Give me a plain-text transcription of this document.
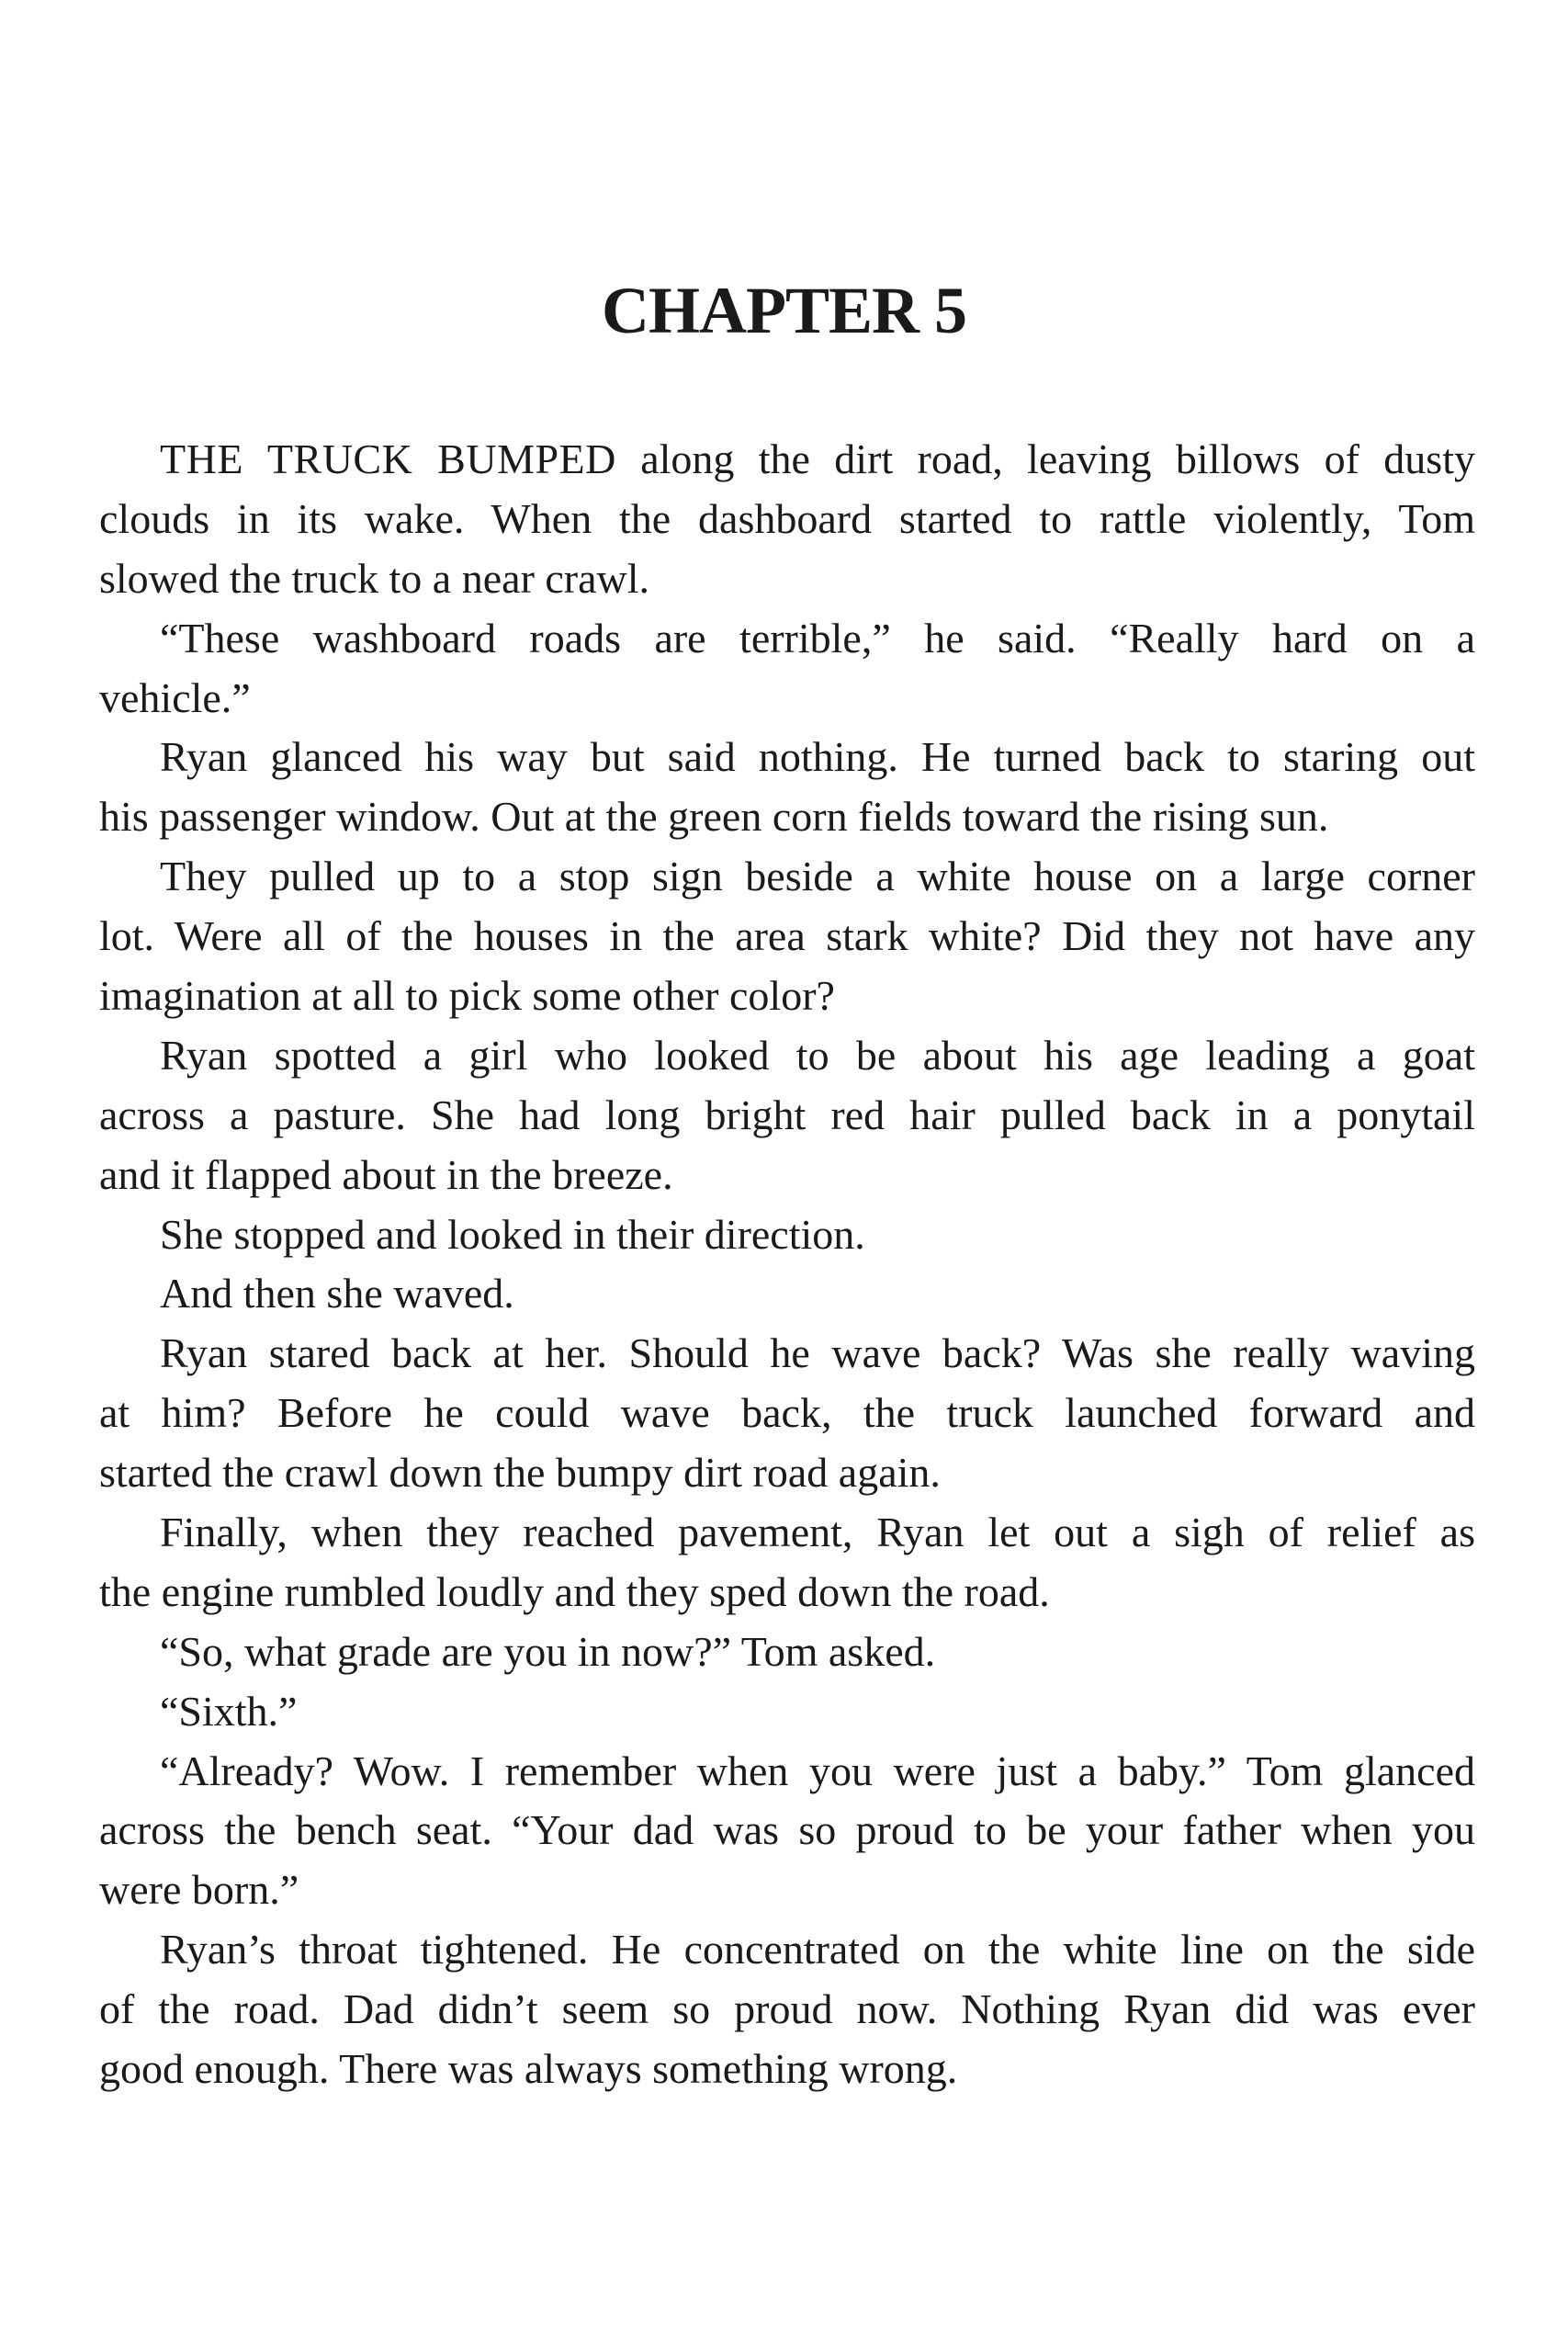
CHAPTER 5
THE TRUCK BUMPED along the dirt road, leaving billows of dusty
clouds in its wake. When the dashboard started to rattle violently, Tom
slowed the truck to a near crawl.
“These washboard roads are terrible,” he said. “Really hard on a
vehicle.”
Ryan glanced his way but said nothing. He turned back to staring out
his passenger window. Out at the green corn fields toward the rising sun.
They pulled up to a stop sign beside a white house on a large corner
lot. Were all of the houses in the area stark white? Did they not have any
imagination at all to pick some other color?
Ryan spotted a girl who looked to be about his age leading a goat
across a pasture. She had long bright red hair pulled back in a ponytail
and it flapped about in the breeze.
She stopped and looked in their direction.
And then she waved.
Ryan stared back at her. Should he wave back? Was she really waving
at him? Before he could wave back, the truck launched forward and
started the crawl down the bumpy dirt road again.
Finally, when they reached pavement, Ryan let out a sigh of relief as
the engine rumbled loudly and they sped down the road.
“So, what grade are you in now?” Tom asked.
“Sixth.”
“Already? Wow. I remember when you were just a baby.” Tom glanced
across the bench seat. “Your dad was so proud to be your father when you
were born.”
Ryan’s throat tightened. He concentrated on the white line on the side
of the road. Dad didn’t seem so proud now. Nothing Ryan did was ever
good enough. There was always something wrong.
